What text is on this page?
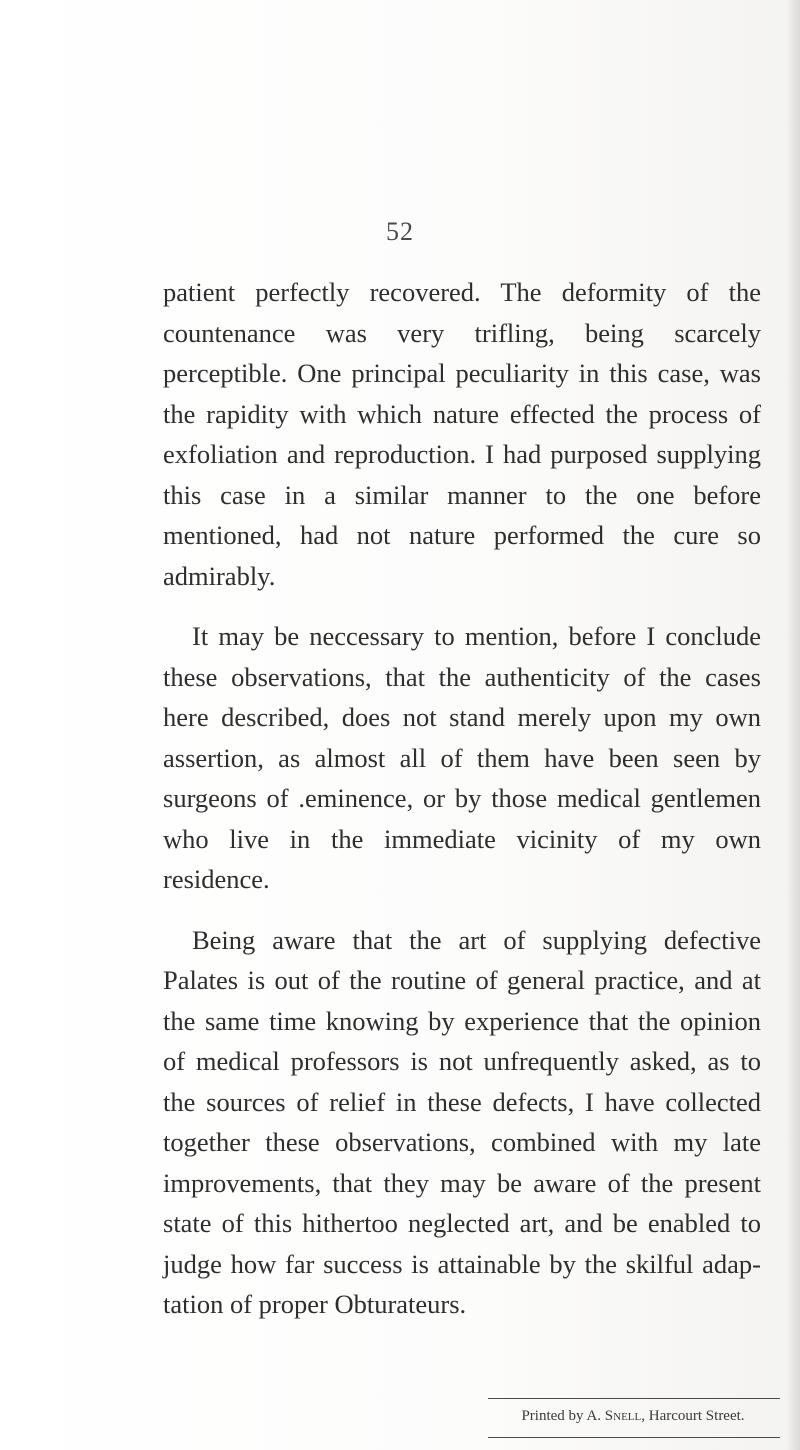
52

patient perfectly recovered. The deformity of the countenance was very trifling, being scarcely perceptible. One principal peculiarity in this case, was the rapidity with which nature effected the process of exfoliation and reproduction. I had purposed supplying this case in a similar manner to the one before mentioned, had not nature performed the cure so admirably.

It may be neccessary to mention, before I conclude these observations, that the authenticity of the cases here described, does not stand merely upon my own assertion, as almost all of them have been seen by surgeons of .eminence, or by those medical gentlemen who live in the immediate vicinity of my own residence.

Being aware that the art of supplying defective Palates is out of the routine of general practice, and at the same time knowing by experience that the opinion of medical professors is not unfrequently asked, as to the sources of relief in these defects, I have collected together these observations, combined with my late improvements, that they may be aware of the present state of this hithertoo neglected art, and be enabled to judge how far success is attainable by the skilful adaptation of proper Obturateurs.

Printed by A. Snell, Harcourt Street.
